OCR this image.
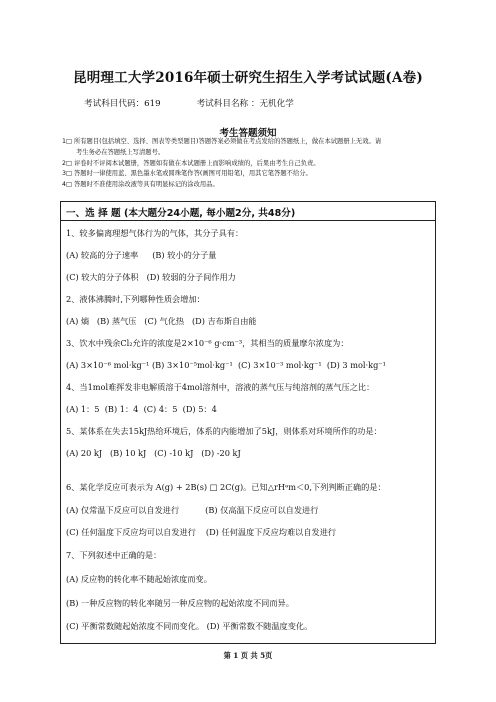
昆明理工大学2016年硕士研究生招生入学考试试题(A卷)
考试科目代码：619	考试科目名称 ：无机化学
考生答题须知
1□ 所有题目(包括填空、选择、图表等类型题目)答题答案必须做在考点发给的答题纸上，做在本试题册上无效。请
考生务必在答题纸上写清题号。
2□ 评卷时不评阅本试题册，答题如有做在本试题册上而影响成绩的，后果由考生自己负责。
3□ 答题时一律使用蓝、黑色墨水笔或圆珠笔作答(画图可用铅笔)，用其它笔答题不给分。
4□ 答题时不准使用涂改液等具有明显标记的涂改用品。
一、选 择 题 (本大题分24小题, 每小题2分, 共48分)
1、较多偏离理想气体行为的气体，其分子具有：
(A) 较高的分子速率 (B) 较小的分子量
(C) 较大的分子体积 (D) 较弱的分子间作用力
2、液体沸腾时,下列哪种性质会增加：
(A) 熵 (B) 蒸气压 (C) 气化热 (D) 吉布斯自由能
3、饮水中残余Cl₂允许的浓度是2×10⁻⁶ g·cm⁻³，其相当的质量摩尔浓度为：
(A) 3×10⁻⁶ mol·kg⁻¹ (B) 3×10⁻⁵mol·kg⁻¹ (C) 3×10⁻³ mol·kg⁻¹ (D) 3 mol·kg⁻¹
4、当1mol难挥发非电解质溶于4mol溶剂中，溶液的蒸气压与纯溶剂的蒸气压之比：
(A) 1：5 (B) 1：4 (C) 4：5 (D) 5：4
5、某体系在失去15kJ热给环境后，体系的内能增加了5kJ，则体系对环境所作的功是：
(A) 20 kJ (B) 10 kJ (C) -10 kJ (D) -20 kJ
6、某化学反应可表示为 A(g) + 2B(s) □ 2C(g)。已知△rHᶱm＜0,下列判断正确的是：
(A) 仅常温下反应可以自发进行	(B) 仅高温下反应可以自发进行
(C) 任何温度下反应均可以自发进行 (D) 任何温度下反应均难以自发进行
7、下列叙述中正确的是：
(A) 反应物的转化率不随起始浓度而变。
(B) 一种反应物的转化率随另一种反应物的起始浓度不同而异。
(C) 平衡常数随起始浓度不同而变化。 (D) 平衡常数不随温度变化。
第 1 页 共 5页
